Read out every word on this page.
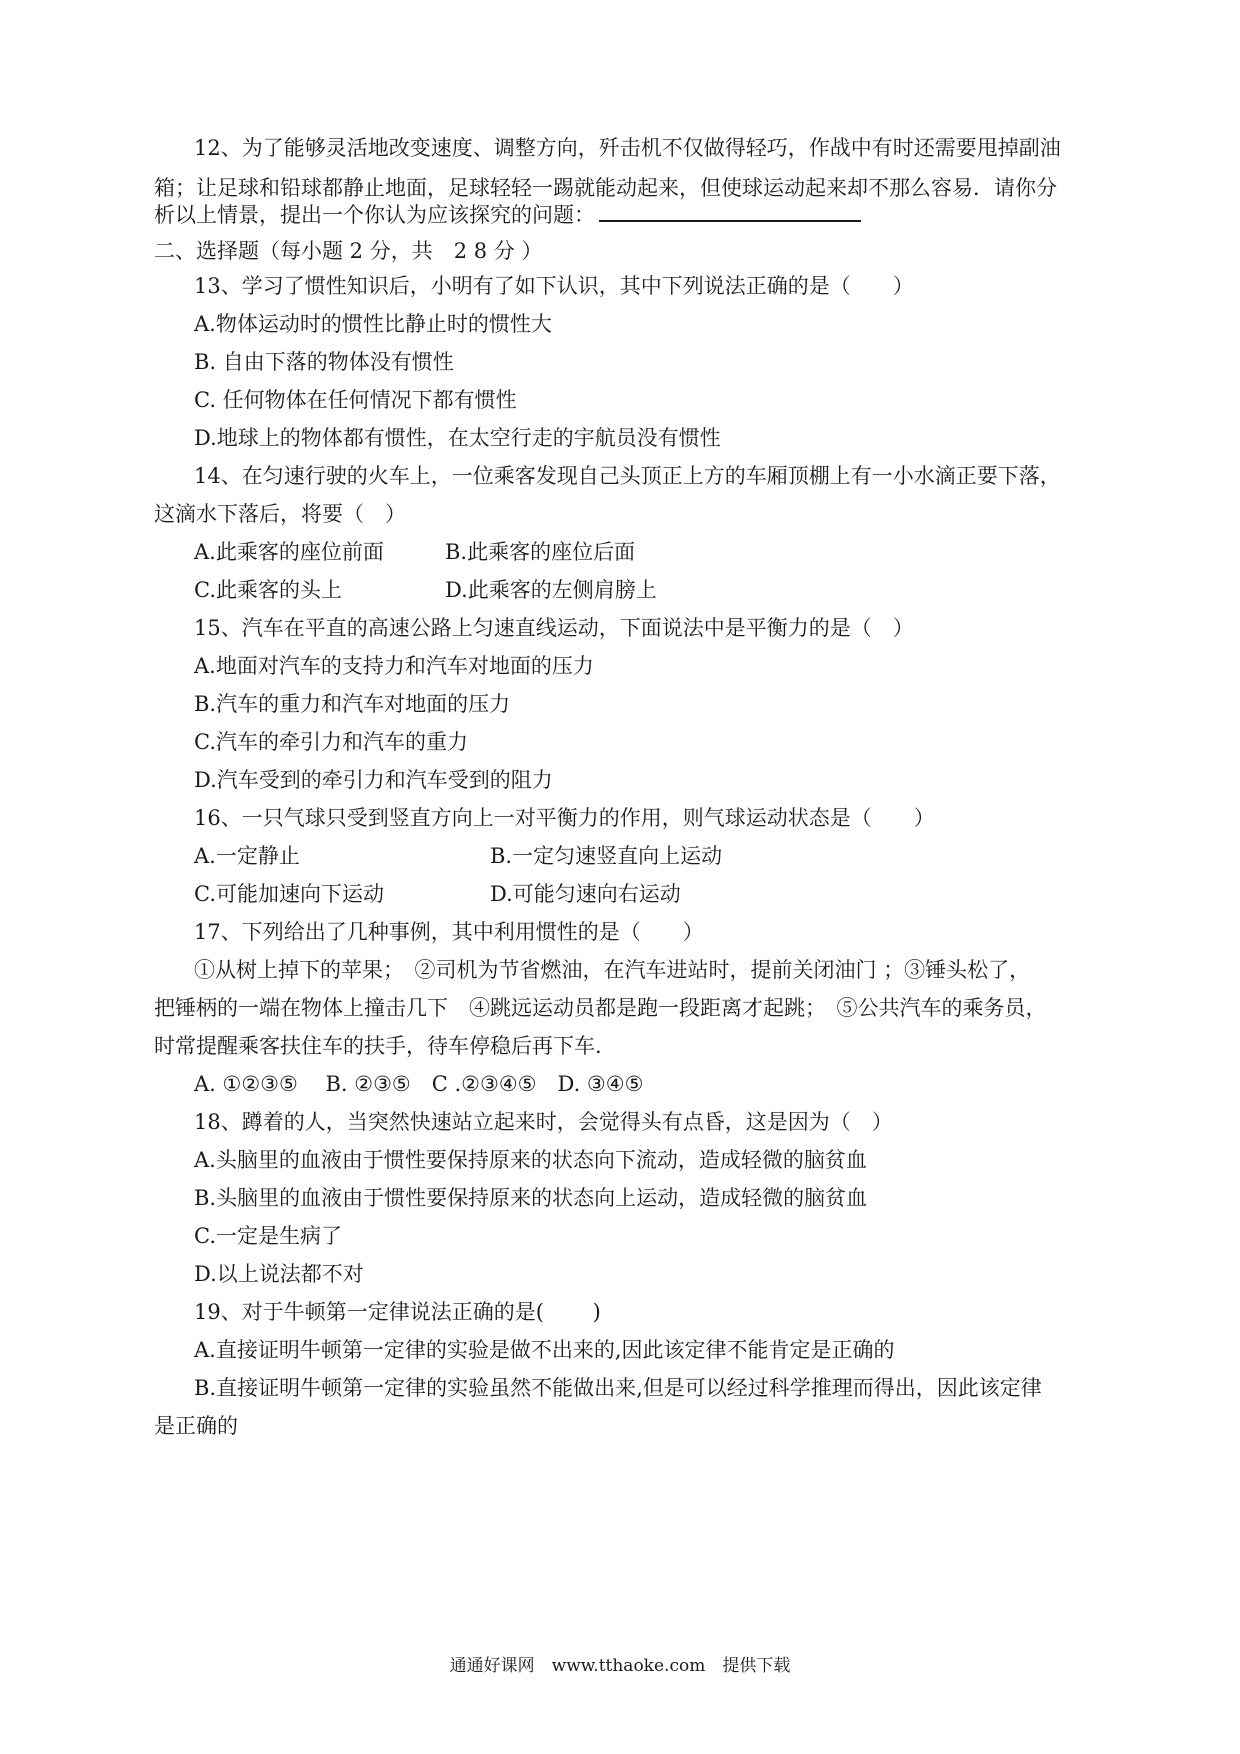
12、为了能够灵活地改变速度、调整方向，歼击机不仅做得轻巧，作战中有时还需要甩掉副油
箱；让足球和铅球都静止地面，足球轻轻一踢就能动起来，但使球运动起来却不那么容易．请你分
析以上情景，提出一个你认为应该探究的问题：
二、选择题（每小题 2 分，共　2 8 分 ）
13、学习了惯性知识后，小明有了如下认识，其中下列说法正确的是（　　）
A.物体运动时的惯性比静止时的惯性大
B. 自由下落的物体没有惯性
C. 任何物体在任何情况下都有惯性
D.地球上的物体都有惯性，在太空行走的宇航员没有惯性
14、在匀速行驶的火车上，一位乘客发现自己头顶正上方的车厢顶棚上有一小水滴正要下落，
这滴水下落后，将要（　）
A.此乘客的座位前面	B.此乘客的座位后面
C.此乘客的头上	D.此乘客的左侧肩膀上
15、汽车在平直的高速公路上匀速直线运动，下面说法中是平衡力的是（　）
A.地面对汽车的支持力和汽车对地面的压力
B.汽车的重力和汽车对地面的压力
C.汽车的牵引力和汽车的重力
D.汽车受到的牵引力和汽车受到的阻力
16、一只气球只受到竖直方向上一对平衡力的作用，则气球运动状态是（　　）
A.一定静止	B.一定匀速竖直向上运动
C.可能加速向下运动	D.可能匀速向右运动
17、下列给出了几种事例，其中利用惯性的是（　　）
①从树上掉下的苹果；　②司机为节省燃油，在汽车进站时，提前关闭油门 ；③锤头松了，
把锤柄的一端在物体上撞击几下　④跳远运动员都是跑一段距离才起跳；　⑤公共汽车的乘务员，
时常提醒乘客扶住车的扶手，待车停稳后再下车.
A. ①②③⑤　 B. ②③⑤　C .②③④⑤　D. ③④⑤
18、蹲着的人，当突然快速站立起来时，会觉得头有点昏，这是因为（　）
A.头脑里的血液由于惯性要保持原来的状态向下流动，造成轻微的脑贫血
B.头脑里的血液由于惯性要保持原来的状态向上运动，造成轻微的脑贫血
C.一定是生病了
D.以上说法都不对
19、对于牛顿第一定律说法正确的是(　　 )
A.直接证明牛顿第一定律的实验是做不出来的,因此该定律不能肯定是正确的
B.直接证明牛顿第一定律的实验虽然不能做出来,但是可以经过科学推理而得出，因此该定律
是正确的
通通好课网　www.tthaoke.com　提供下载
